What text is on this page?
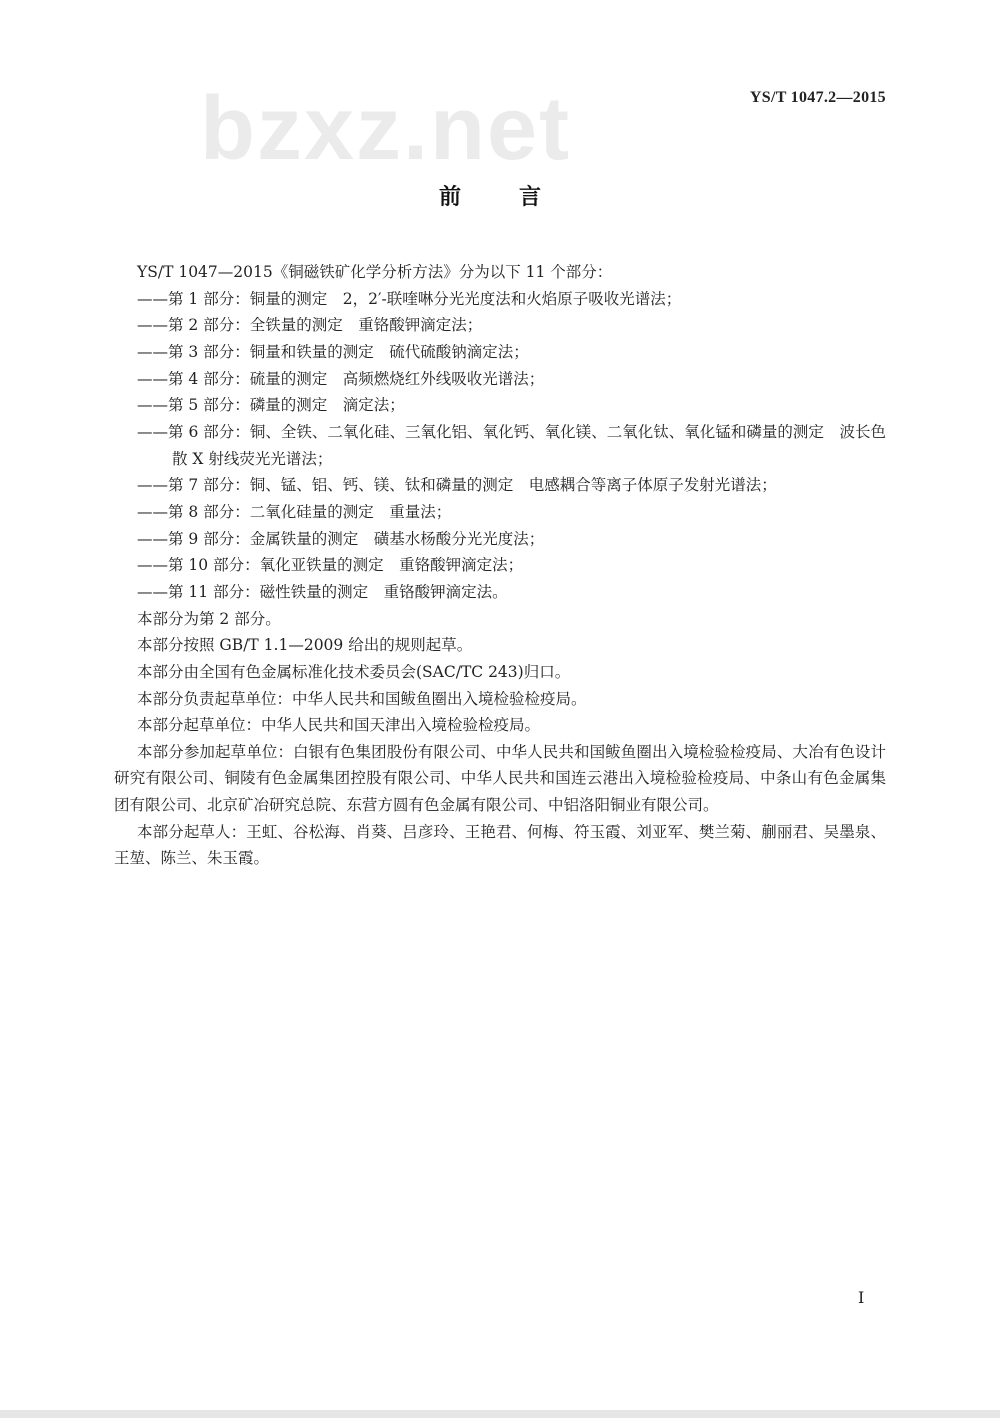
YS/T 1047.2—2015
bzxz.net
前言

YS/T 1047—2015《铜磁铁矿化学分析方法》分为以下 11 个部分：

——第 1 部分：铜量的测定　2，2′-联喹啉分光光度法和火焰原子吸收光谱法；

——第 2 部分：全铁量的测定　重铬酸钾滴定法；

——第 3 部分：铜量和铁量的测定　硫代硫酸钠滴定法；

——第 4 部分：硫量的测定　高频燃烧红外线吸收光谱法；

——第 5 部分：磷量的测定　滴定法；

——第 6 部分：铜、全铁、二氧化硅、三氧化铝、氧化钙、氧化镁、二氧化钛、氧化锰和磷量的测定　波长色散 X 射线荧光光谱法；

——第 7 部分：铜、锰、铝、钙、镁、钛和磷量的测定　电感耦合等离子体原子发射光谱法；

——第 8 部分：二氧化硅量的测定　重量法；

——第 9 部分：金属铁量的测定　磺基水杨酸分光光度法；

——第 10 部分：氧化亚铁量的测定　重铬酸钾滴定法；

——第 11 部分：磁性铁量的测定　重铬酸钾滴定法。

本部分为第 2 部分。

本部分按照 GB/T 1.1—2009 给出的规则起草。

本部分由全国有色金属标准化技术委员会(SAC/TC 243)归口。

本部分负责起草单位：中华人民共和国鲅鱼圈出入境检验检疫局。

本部分起草单位：中华人民共和国天津出入境检验检疫局。

本部分参加起草单位：白银有色集团股份有限公司、中华人民共和国鲅鱼圈出入境检验检疫局、大冶有色设计研究有限公司、铜陵有色金属集团控股有限公司、中华人民共和国连云港出入境检验检疫局、中条山有色金属集团有限公司、北京矿冶研究总院、东营方圆有色金属有限公司、中铝洛阳铜业有限公司。

本部分起草人：王虹、谷松海、肖葵、吕彦玲、王艳君、何梅、符玉霞、刘亚军、樊兰菊、蒯丽君、吴墨泉、王堃、陈兰、朱玉霞。

I
